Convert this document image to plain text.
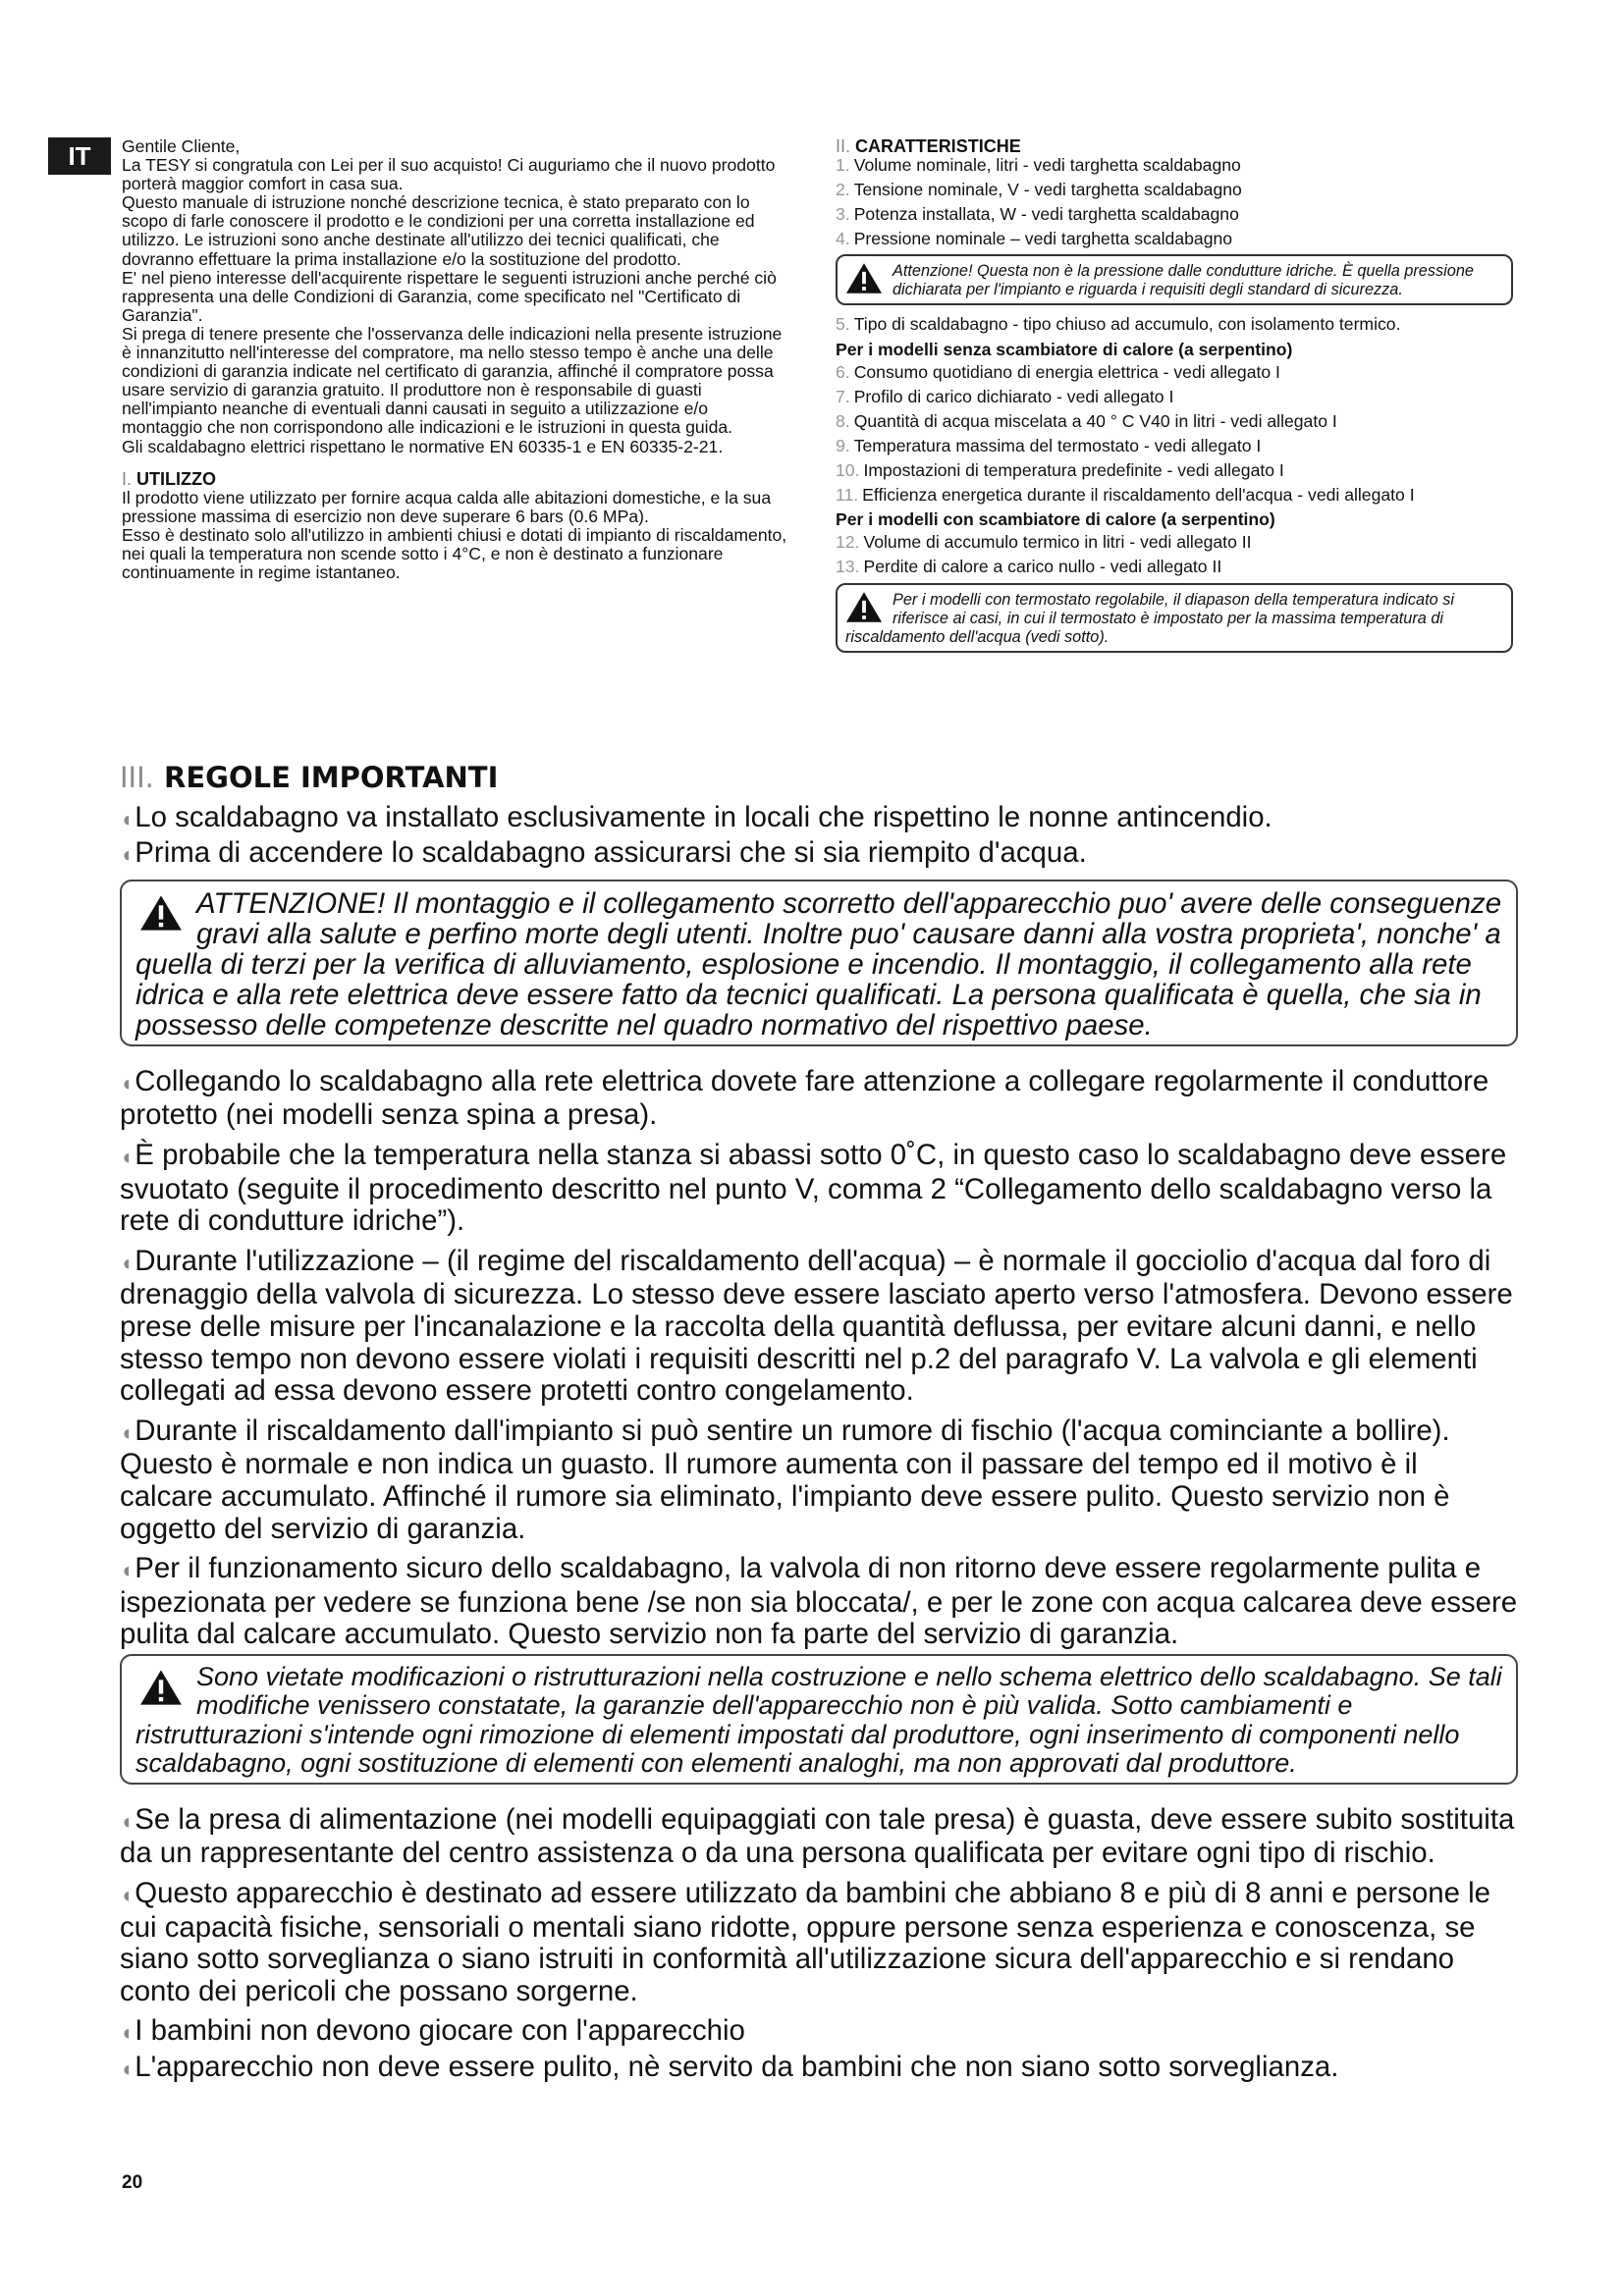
IT	Gentile Cliente,

La TESY si congratula con Lei per il suo acquisto! Ci auguriamo che il nuovo prodotto porterà maggior comfort in casa sua.

Questo manuale di istruzione nonché descrizione tecnica, è stato preparato con lo scopo di farle conoscere il prodotto e le condizioni per una corretta installazione ed utilizzo. Le istruzioni sono anche destinate all'utilizzo dei tecnici qualificati, che dovranno effettuare la prima installazione e/o la sostituzione del prodotto.

E' nel pieno interesse dell'acquirente rispettare le seguenti istruzioni anche perché ciò rappresenta una delle Condizioni di Garanzia, come specificato nel "Certificato di Garanzia".

Si prega di tenere presente che l'osservanza delle indicazioni nella presente istruzione è innanzitutto nell'interesse del compratore, ma nello stesso tempo è anche una delle condizioni di garanzia indicate nel certificato di garanzia, affinché il compratore possa usare servizio di garanzia gratuito. Il produttore non è responsabile di guasti nell'impianto neanche di eventuali danni causati in seguito a utilizzazione e/o montaggio che non corrispondono alle indicazioni e le istruzioni in questa guida.

Gli scaldabagno elettrici rispettano le normative EN 60335-1 e EN 60335-2-21.

I. UTILIZZO

Il prodotto viene utilizzato per fornire acqua calda alle abitazioni domestiche, e la sua pressione massima di esercizio non deve superare 6 bars (0.6 MPa).

Esso è destinato solo all'utilizzo in ambienti chiusi e dotati di impianto di riscaldamento, nei quali la temperatura non scende sotto i 4°C, e non è destinato a funzionare continuamente in regime istantaneo.

II. CARATTERISTICHE

1. Volume nominale, litri - vedi targhetta scaldabagno
2. Tensione nominale, V - vedi targhetta scaldabagno
3. Potenza installata, W - vedi targhetta scaldabagno
4. Pressione nominale – vedi targhetta scaldabagno
Attenzione! Questa non è la pressione dalle condutture idriche. È quella pressione dichiarata per l'impianto e riguarda i requisiti degli standard di sicurezza.
5. Tipo di scaldabagno - tipo chiuso ad accumulo, con isolamento termico.

Per i modelli senza scambiatore di calore (a serpentino)

6. Consumo quotidiano di energia elettrica - vedi allegato I
7. Profilo di carico dichiarato - vedi allegato I
8. Quantità di acqua miscelata a 40 ° C V40 in litri - vedi allegato I
9. Temperatura massima del termostato - vedi allegato I
10. Impostazioni di temperatura predefinite - vedi allegato I
11. Efficienza energetica durante il riscaldamento dell'acqua - vedi allegato I

Per i modelli con scambiatore di calore (a serpentino)

12. Volume di accumulo termico in litri - vedi allegato II
13. Perdite di calore a carico nullo - vedi allegato II
Per i modelli con termostato regolabile, il diapason della temperatura indicato si riferisce ai casi, in cui il termostato è impostato per la massima temperatura di riscaldamento dell'acqua (vedi sotto).

III. REGOLE IMPORTANTI

◖Lo scaldabagno va installato esclusivamente in locali che rispettino le nonne antincendio.

◖Prima di accendere lo scaldabagno assicurarsi che si sia riempito d'acqua.

ATTENZIONE! Il montaggio e il collegamento scorretto dell'apparecchio puo' avere delle conseguenze gravi alla salute e perfino morte degli utenti. Inoltre puo' causare danni alla vostra proprieta', nonche' a quella di terzi per la verifica di alluviamento, esplosione e incendio. Il montaggio, il collegamento alla rete idrica e alla rete elettrica deve essere fatto da tecnici qualificati. La persona qualificata è quella, che sia in possesso delle competenze descritte nel quadro normativo del rispettivo paese.

◖Collegando lo scaldabagno alla rete elettrica dovete fare attenzione a collegare regolarmente il conduttore protetto (nei modelli senza spina a presa).

◖È probabile che la temperatura nella stanza si abassi sotto 0˚C, in questo caso lo scaldabagno deve essere svuotato (seguite il procedimento descritto nel punto V, comma 2 “Collegamento dello scaldabagno verso la rete di condutture idriche”).

◖Durante l'utilizzazione – (il regime del riscaldamento dell'acqua) – è normale il gocciolio d'acqua dal foro di drenaggio della valvola di sicurezza. Lo stesso deve essere lasciato aperto verso l'atmosfera. Devono essere prese delle misure per l'incanalazione e la raccolta della quantità deflussa, per evitare alcuni danni, e nello stesso tempo non devono essere violati i requisiti descritti nel p.2 del paragrafo V. La valvola e gli elementi collegati ad essa devono essere protetti contro congelamento.

◖Durante il riscaldamento dall'impianto si può sentire un rumore di fischio (l'acqua cominciante a bollire). Questo è normale e non indica un guasto. Il rumore aumenta con il passare del tempo ed il motivo è il calcare accumulato. Affinché il rumore sia eliminato, l'impianto deve essere pulito. Questo servizio non è oggetto del servizio di garanzia.

◖Per il funzionamento sicuro dello scaldabagno, la valvola di non ritorno deve essere regolarmente pulita e ispezionata per vedere se funziona bene /se non sia bloccata/, e per le zone con acqua calcarea deve essere pulita dal calcare accumulato. Questo servizio non fa parte del servizio di garanzia.

Sono vietate modificazioni o ristrutturazioni nella costruzione e nello schema elettrico dello scaldabagno. Se tali modifiche venissero constatate, la garanzie dell'apparecchio non è più valida. Sotto cambiamenti e ristrutturazioni s'intende ogni rimozione di elementi impostati dal produttore, ogni inserimento di componenti nello scaldabagno, ogni sostituzione di elementi con elementi analoghi, ma non approvati dal produttore.

◖Se la presa di alimentazione (nei modelli equipaggiati con tale presa) è guasta, deve essere subito sostituita da un rappresentante del centro assistenza o da una persona qualificata per evitare ogni tipo di rischio.

◖Questo apparecchio è destinato ad essere utilizzato da bambini che abbiano 8 e più di 8 anni e persone le cui capacità fisiche, sensoriali o mentali siano ridotte, oppure persone senza esperienza e conoscenza, se siano sotto sorveglianza o siano istruiti in conformità all'utilizzazione sicura dell'apparecchio e si rendano conto dei pericoli che possano sorgerne.

◖I bambini non devono giocare con l'apparecchio

◖L'apparecchio non deve essere pulito, nè servito da bambini che non siano sotto sorveglianza.

20
